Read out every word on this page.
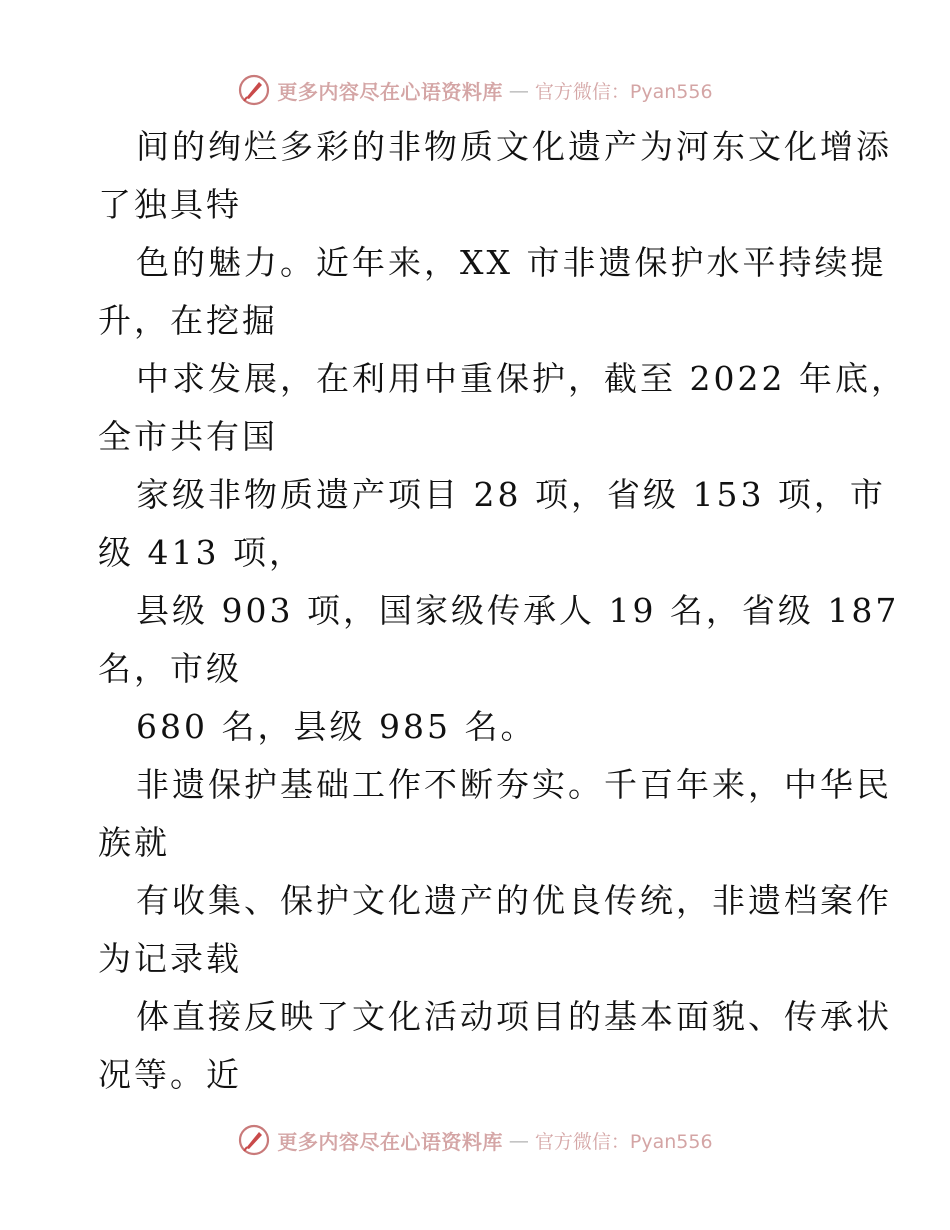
更多内容尽在心语资料库 — 官方微信：Pyan556
间的绚烂多彩的非物质文化遗产为河东文化增添
了独具特
色的魅力。近年来，XX 市非遗保护水平持续提
升，在挖掘
中求发展，在利用中重保护，截至 2022 年底，
全市共有国
家级非物质遗产项目 28 项，省级 153 项，市
级 413 项，
县级 903 项，国家级传承人 19 名，省级 187
名，市级
680 名，县级 985 名。
非遗保护基础工作不断夯实。千百年来，中华民
族就
有收集、保护文化遗产的优良传统，非遗档案作
为记录载
体直接反映了文化活动项目的基本面貌、传承状
况等。近
更多内容尽在心语资料库 — 官方微信：Pyan556
